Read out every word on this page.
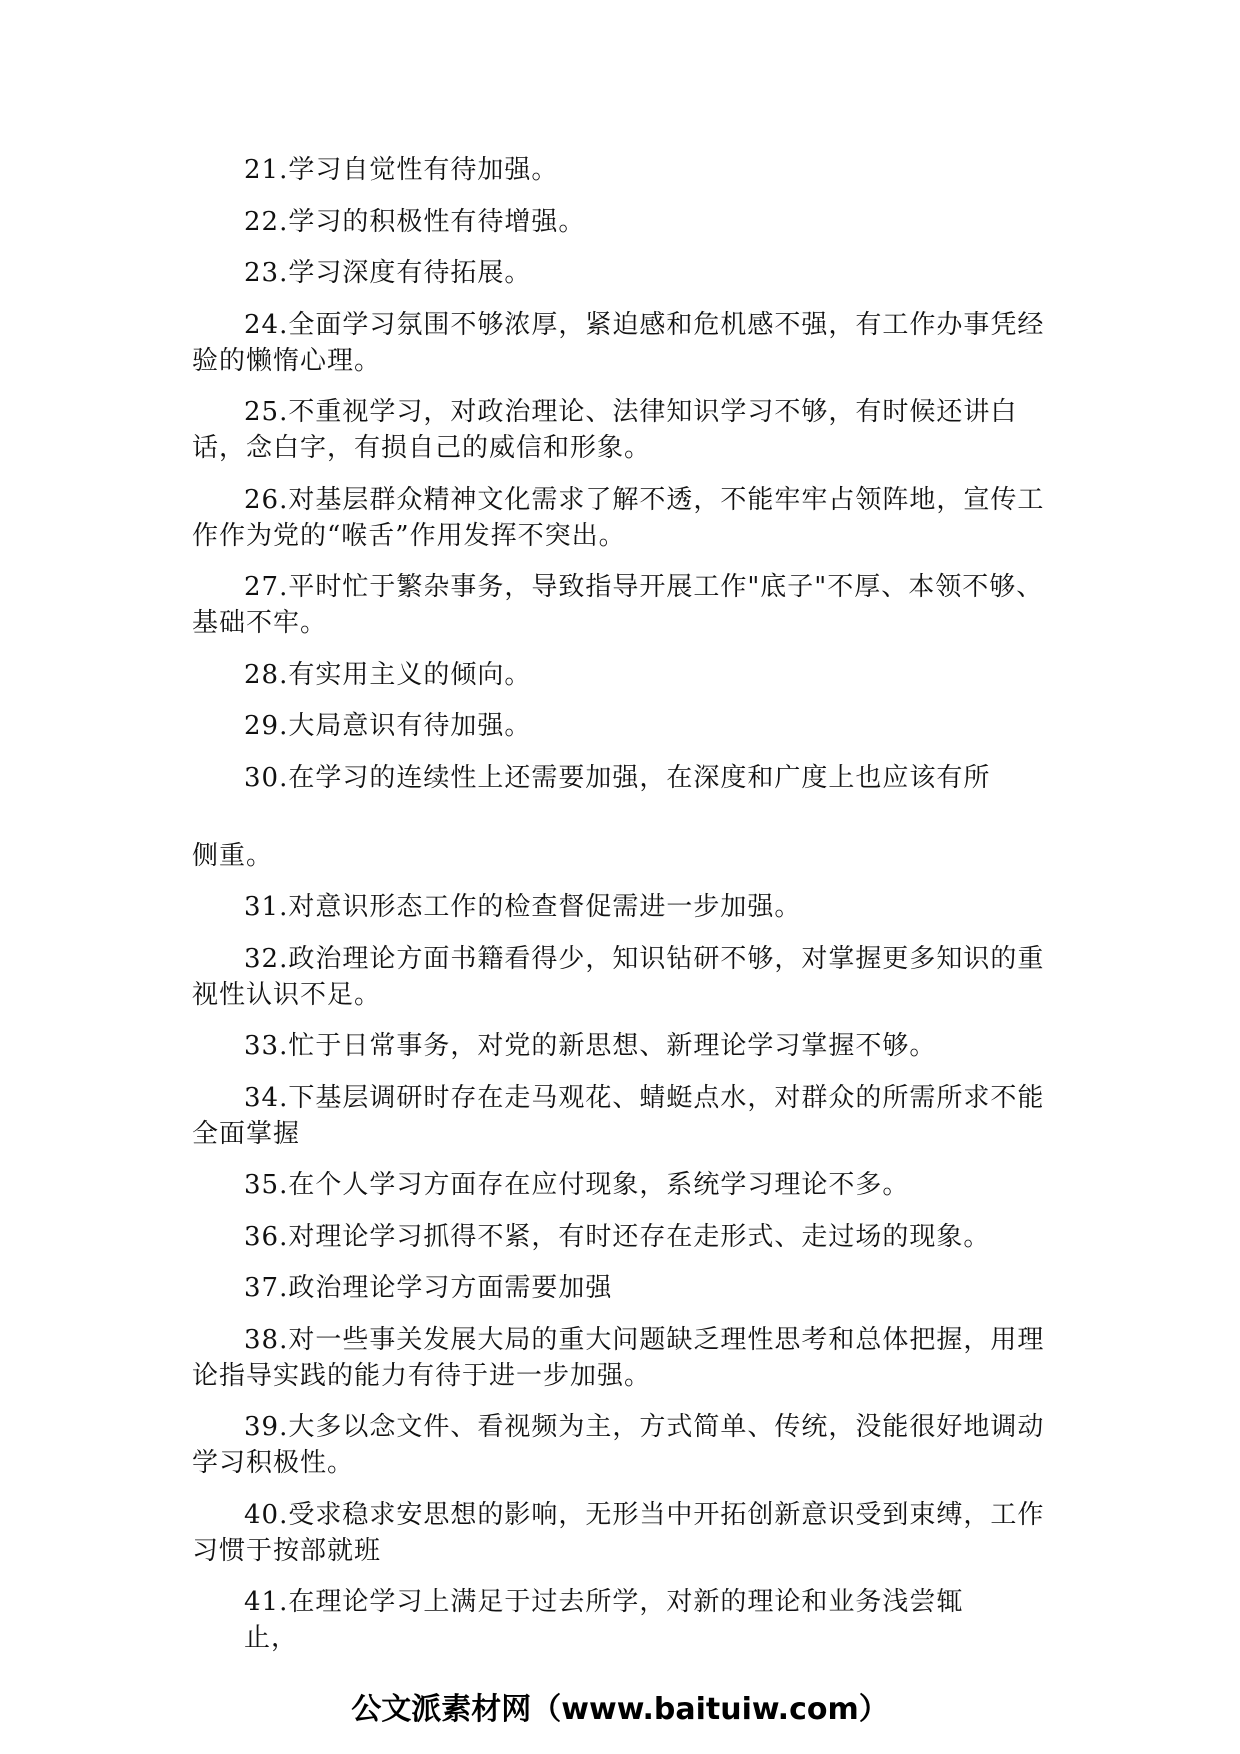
21.学习自觉性有待加强。
22.学习的积极性有待增强。
23.学习深度有待拓展。
24.全面学习氛围不够浓厚，紧迫感和危机感不强，有工作办事凭经验的懒惰心理。
25.不重视学习，对政治理论、法律知识学习不够，有时候还讲白话，念白字，有损自己的威信和形象。
26.对基层群众精神文化需求了解不透，不能牢牢占领阵地，宣传工作作为党的“喉舌”作用发挥不突出。
27.平时忙于繁杂事务，导致指导开展工作"底子"不厚、本领不够、基础不牢。
28.有实用主义的倾向。
29.大局意识有待加强。
30.在学习的连续性上还需要加强，在深度和广度上也应该有所
侧重。
31.对意识形态工作的检查督促需进一步加强。
32.政治理论方面书籍看得少，知识钻研不够，对掌握更多知识的重视性认识不足。
33.忙于日常事务，对党的新思想、新理论学习掌握不够。
34.下基层调研时存在走马观花、蜻蜓点水，对群众的所需所求不能全面掌握
35.在个人学习方面存在应付现象，系统学习理论不多。
36.对理论学习抓得不紧，有时还存在走形式、走过场的现象。
37.政治理论学习方面需要加强
38.对一些事关发展大局的重大问题缺乏理性思考和总体把握，用理论指导实践的能力有待于进一步加强。
39.大多以念文件、看视频为主，方式简单、传统，没能很好地调动学习积极性。
40.受求稳求安思想的影响，无形当中开拓创新意识受到束缚，工作习惯于按部就班
41.在理论学习上满足于过去所学，对新的理论和业务浅尝辄止，
公文派素材网（www.baituiw.com）
